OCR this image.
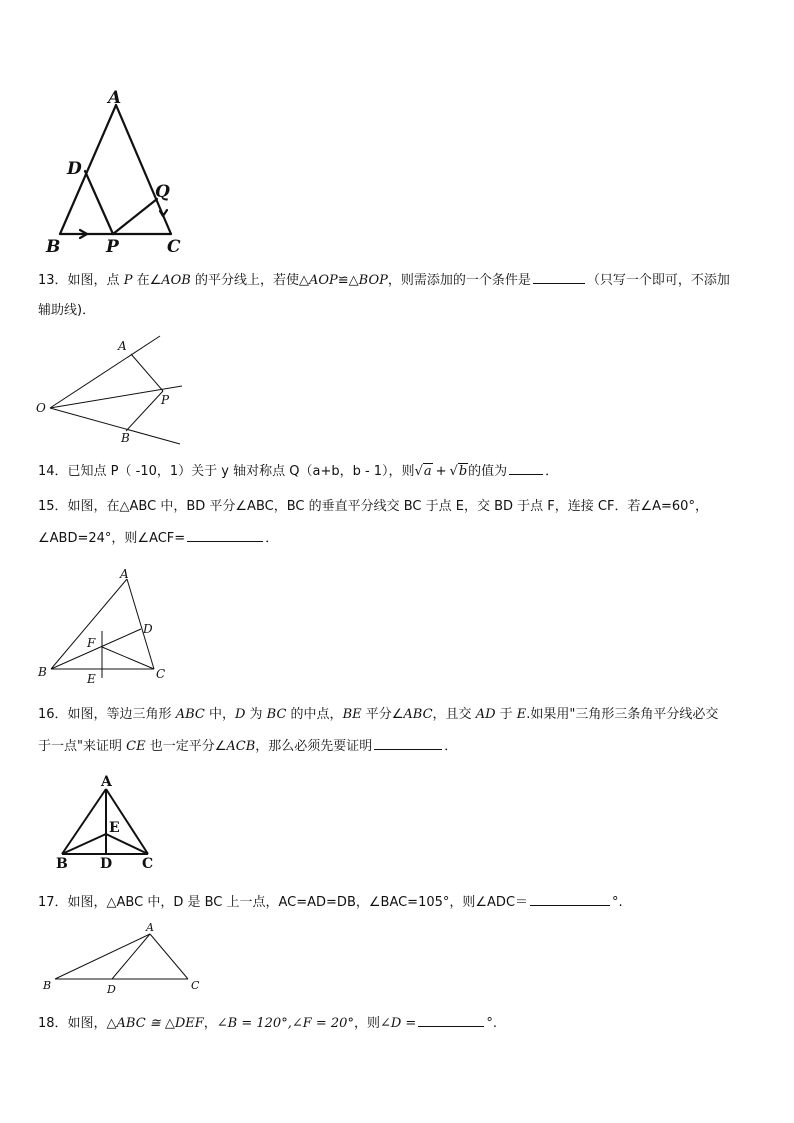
A
D
Q
B	P	C
13．如图，点 P 在∠AOB 的平分线上，若使△AOP≌△BOP，则需添加的一个条件是	（只写一个即可，不添加
辅助线)．
A
O
P
B
14．已知点 P（ -10，1）关于 y 轴对称点 Q（a+b，b - 1），则√a + √b的值为	．
15．如图，在△ABC 中，BD 平分∠ABC，BC 的垂直平分线交 BC 于点 E，交 BD 于点 F，连接 CF．若∠A=60°，
∠ABD=24°，则∠ACF=	．
A
D
F
B	C
E
16．如图，等边三角形 ABC 中，D 为 BC 的中点，BE 平分∠ABC，且交 AD 于 E.如果用"三角形三条角平分线必交
于一点"来证明 CE 也一定平分∠ACB，那么必须先要证明	．
A
E
B D C
17．如图，△ABC 中，D 是 BC 上一点，AC=AD=DB，∠BAC=105°，则∠ADC＝	°.
A
B	D	C
18．如图，△ABC ≅ △DEF，∠B = 120°,∠F = 20°，则∠D =	°.
